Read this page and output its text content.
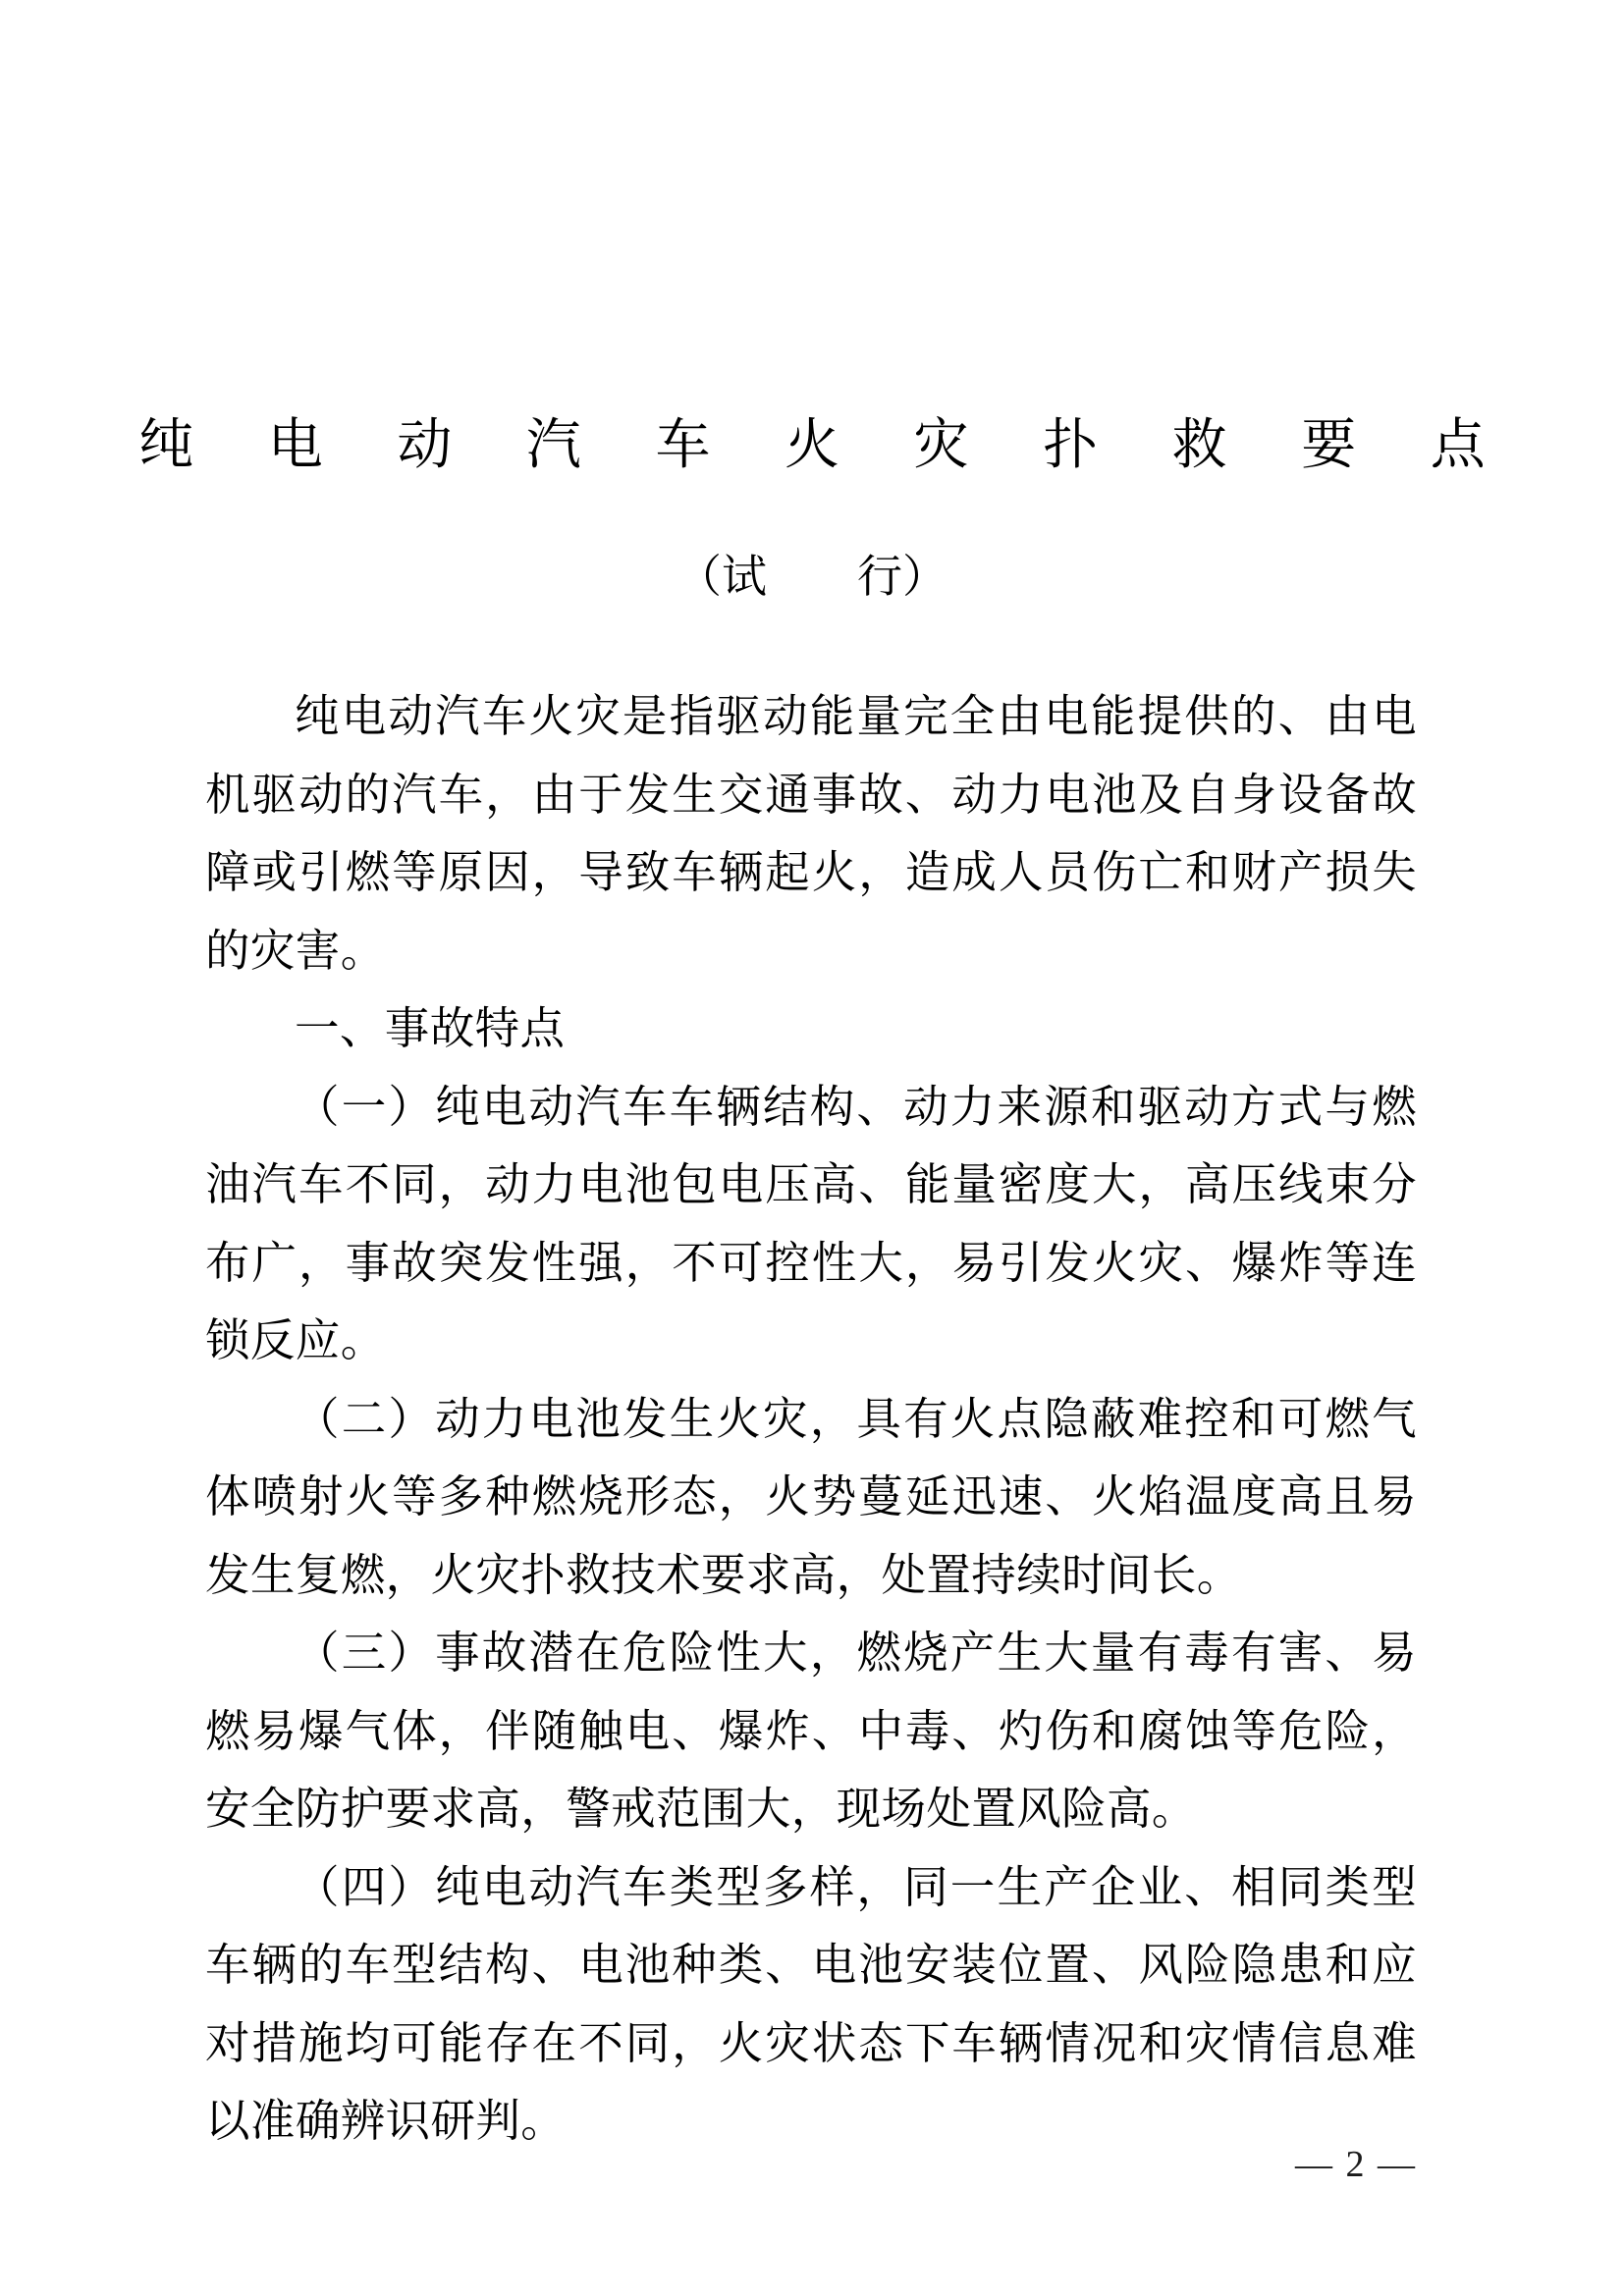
纯 电 动 汽 车 火 灾 扑 救 要 点
（试　　行）

纯电动汽车火灾是指驱动能量完全由电能提供的、由电机驱动的汽车，由于发生交通事故、动力电池及自身设备故障或引燃等原因，导致车辆起火，造成人员伤亡和财产损失的灾害。

一、事故特点

（一）纯电动汽车车辆结构、动力来源和驱动方式与燃油汽车不同，动力电池包电压高、能量密度大，高压线束分布广，事故突发性强，不可控性大，易引发火灾、爆炸等连锁反应。

（二）动力电池发生火灾，具有火点隐蔽难控和可燃气体喷射火等多种燃烧形态，火势蔓延迅速、火焰温度高且易发生复燃，火灾扑救技术要求高，处置持续时间长。

（三）事故潜在危险性大，燃烧产生大量有毒有害、易燃易爆气体，伴随触电、爆炸、中毒、灼伤和腐蚀等危险，安全防护要求高，警戒范围大，现场处置风险高。

（四）纯电动汽车类型多样，同一生产企业、相同类型车辆的车型结构、电池种类、电池安装位置、风险隐患和应对措施均可能存在不同，火灾状态下车辆情况和灾情信息难以准确辨识研判。

— 2 —
